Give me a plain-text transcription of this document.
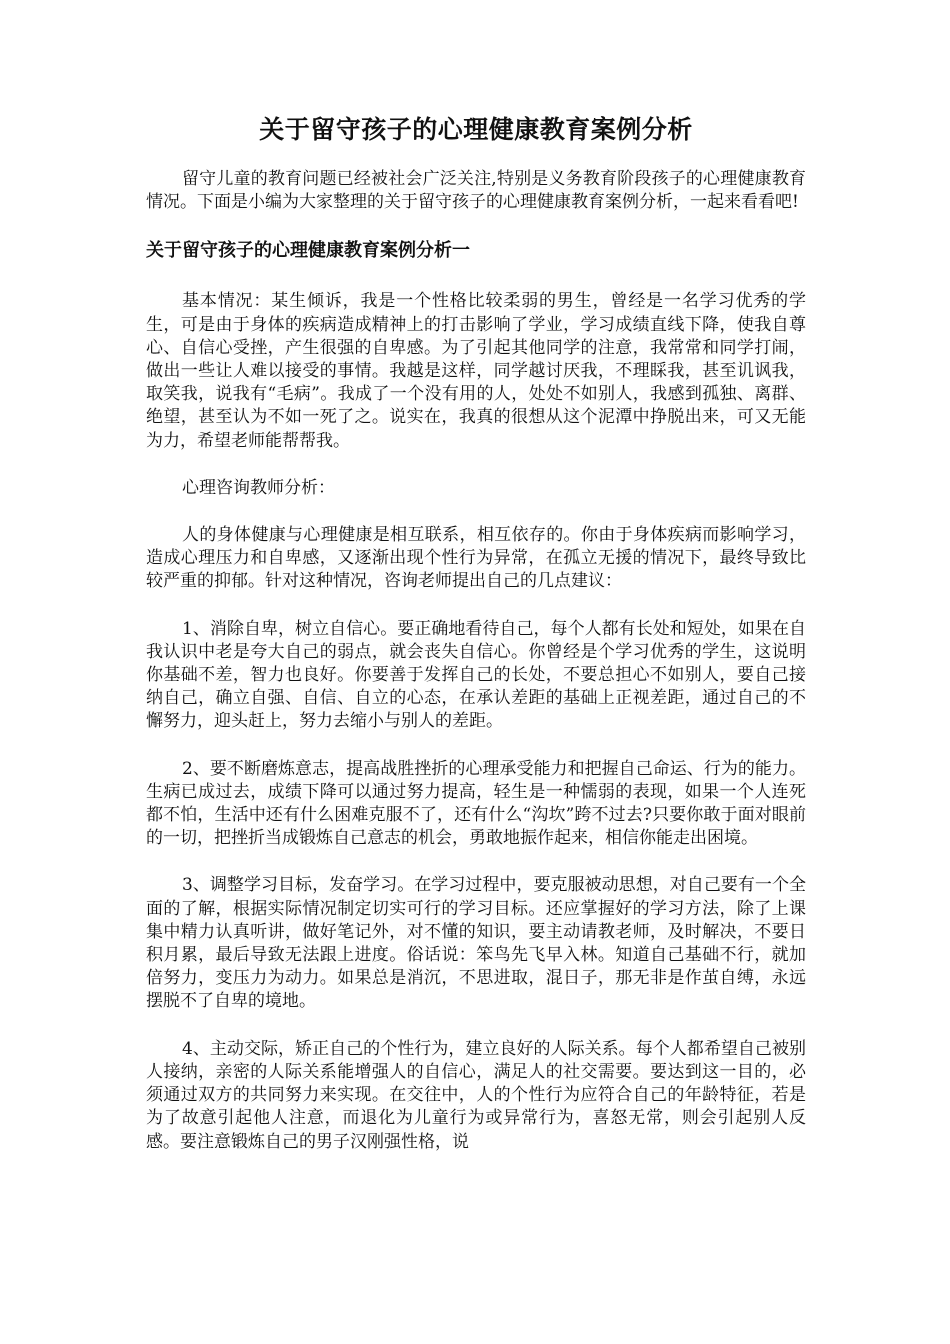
关于留守孩子的心理健康教育案例分析

留守儿童的教育问题已经被社会广泛关注,特别是义务教育阶段孩子的心理健康教育情况。下面是小编为大家整理的关于留守孩子的心理健康教育案例分析，一起来看看吧!

关于留守孩子的心理健康教育案例分析一

基本情况：某生倾诉，我是一个性格比较柔弱的男生，曾经是一名学习优秀的学生，可是由于身体的疾病造成精神上的打击影响了学业，学习成绩直线下降，使我自尊心、自信心受挫，产生很强的自卑感。为了引起其他同学的注意，我常常和同学打闹，做出一些让人难以接受的事情。我越是这样，同学越讨厌我，不理睬我，甚至讥讽我，取笑我，说我有“毛病”。我成了一个没有用的人，处处不如别人，我感到孤独、离群、绝望，甚至认为不如一死了之。说实在，我真的很想从这个泥潭中挣脱出来，可又无能为力，希望老师能帮帮我。

心理咨询教师分析：

人的身体健康与心理健康是相互联系，相互依存的。你由于身体疾病而影响学习，造成心理压力和自卑感，又逐渐出现个性行为异常，在孤立无援的情况下，最终导致比较严重的抑郁。针对这种情况，咨询老师提出自己的几点建议：

1、消除自卑，树立自信心。要正确地看待自己，每个人都有长处和短处，如果在自我认识中老是夸大自己的弱点，就会丧失自信心。你曾经是个学习优秀的学生，这说明你基础不差，智力也良好。你要善于发挥自己的长处，不要总担心不如别人，要自己接纳自己，确立自强、自信、自立的心态，在承认差距的基础上正视差距，通过自己的不懈努力，迎头赶上，努力去缩小与别人的差距。

2、要不断磨炼意志，提高战胜挫折的心理承受能力和把握自己命运、行为的能力。生病已成过去，成绩下降可以通过努力提高，轻生是一种懦弱的表现，如果一个人连死都不怕，生活中还有什么困难克服不了，还有什么“沟坎”跨不过去?只要你敢于面对眼前的一切，把挫折当成锻炼自己意志的机会，勇敢地振作起来，相信你能走出困境。

3、调整学习目标，发奋学习。在学习过程中，要克服被动思想，对自己要有一个全面的了解，根据实际情况制定切实可行的学习目标。还应掌握好的学习方法，除了上课集中精力认真听讲，做好笔记外，对不懂的知识，要主动请教老师，及时解决，不要日积月累，最后导致无法跟上进度。俗话说：笨鸟先飞早入林。知道自己基础不行，就加倍努力，变压力为动力。如果总是消沉，不思进取，混日子，那无非是作茧自缚，永远摆脱不了自卑的境地。

4、主动交际，矫正自己的个性行为，建立良好的人际关系。每个人都希望自己被别人接纳，亲密的人际关系能增强人的自信心，满足人的社交需要。要达到这一目的，必须通过双方的共同努力来实现。在交往中，人的个性行为应符合自己的年龄特征，若是为了故意引起他人注意，而退化为儿童行为或异常行为，喜怒无常，则会引起别人反感。要注意锻炼自己的男子汉刚强性格，说
